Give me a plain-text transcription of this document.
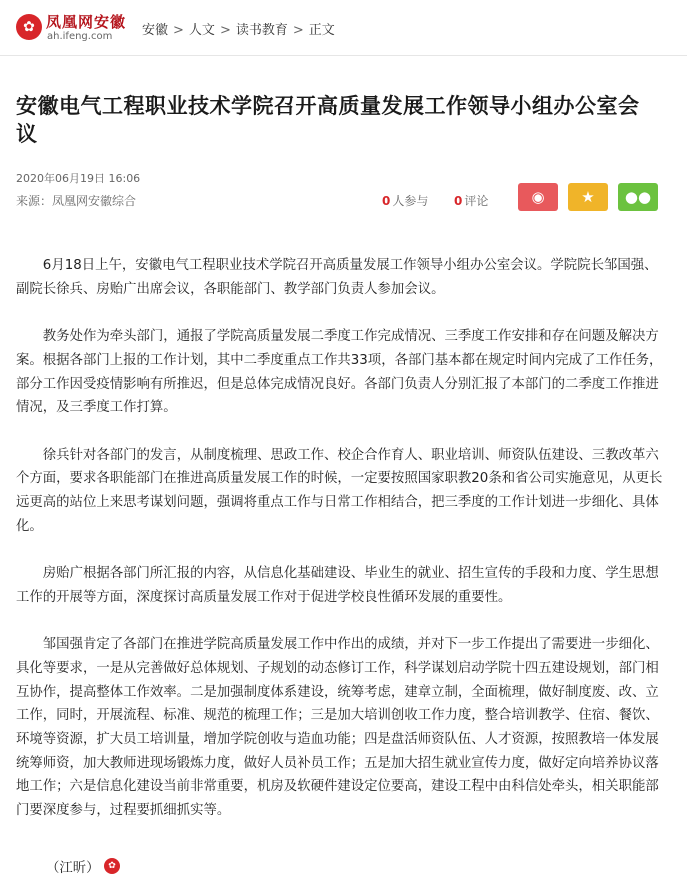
✿ 凤凰网安徽
ah.ifeng.com 安徽 > 人文 > 读书教育 > 正文
安徽电气工程职业技术学院召开高质量发展工作领导小组办公室会议
2020年06月19日 16:06
来源：凤凰网安徽综合	0 人参与 0 评论	◉	★	●●

6月18日上午，安徽电气工程职业技术学院召开高质量发展工作领导小组办公室会议。学院院长邹国强、副院长徐兵、房贻广出席会议，各职能部门、教学部门负责人参加会议。

教务处作为牵头部门，通报了学院高质量发展二季度工作完成情况、三季度工作安排和存在问题及解决方案。根据各部门上报的工作计划，其中二季度重点工作共33项，各部门基本都在规定时间内完成了工作任务，部分工作因受疫情影响有所推迟，但是总体完成情况良好。各部门负责人分别汇报了本部门的二季度工作推进情况，及三季度工作打算。

徐兵针对各部门的发言，从制度梳理、思政工作、校企合作育人、职业培训、师资队伍建设、三教改革六个方面，要求各职能部门在推进高质量发展工作的时候，一定要按照国家职教20条和省公司实施意见，从更长远更高的站位上来思考谋划问题，强调将重点工作与日常工作相结合，把三季度的工作计划进一步细化、具体化。

房贻广根据各部门所汇报的内容，从信息化基础建设、毕业生的就业、招生宣传的手段和力度、学生思想工作的开展等方面，深度探讨高质量发展工作对于促进学校良性循环发展的重要性。

邹国强肯定了各部门在推进学院高质量发展工作中作出的成绩，并对下一步工作提出了需要进一步细化、具化等要求，一是从完善做好总体规划、子规划的动态修订工作，科学谋划启动学院十四五建设规划，部门相互协作，提高整体工作效率。二是加强制度体系建设，统筹考虑，建章立制，全面梳理，做好制度废、改、立工作，同时，开展流程、标准、规范的梳理工作；三是加大培训创收工作力度，整合培训教学、住宿、餐饮、环境等资源，扩大员工培训量，增加学院创收与造血功能；四是盘活师资队伍、人才资源，按照教培一体发展统筹师资，加大教师进现场锻炼力度，做好人员补员工作；五是加大招生就业宣传力度，做好定向培养协议落地工作；六是信息化建设当前非常重要，机房及软硬件建设定位要高，建设工程中由科信处牵头，相关职能部门要深度参与，过程要抓细抓实等。

（江昕） ✿
